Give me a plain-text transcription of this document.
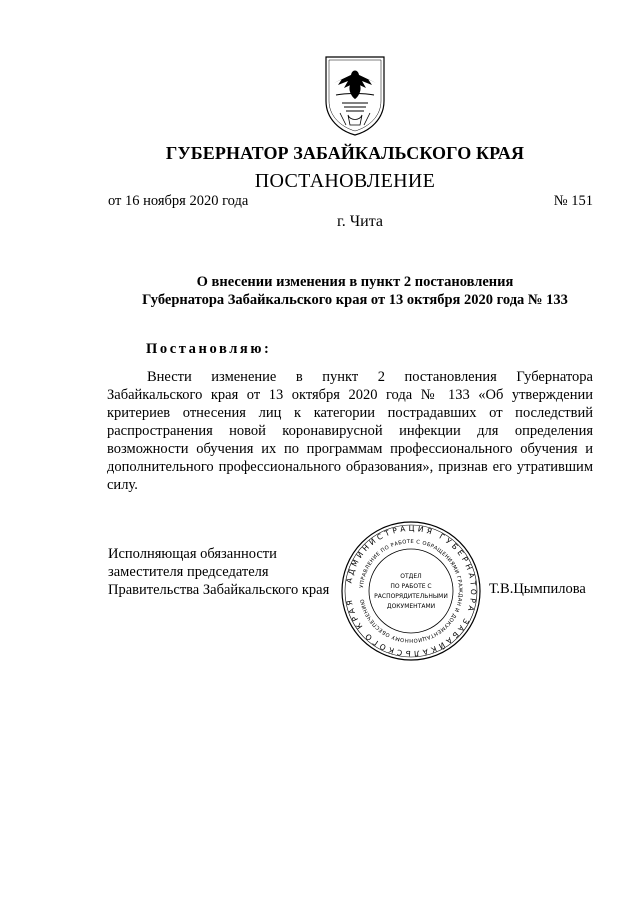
ГУБЕРНАТОР ЗАБАЙКАЛЬСКОГО КРАЯ
ПОСТАНОВЛЕНИЕ
от 16 ноября 2020 года	№ 151
г. Чита
О внесении изменения в пункт 2 постановления
Губернатора Забайкальского края от 13 октября 2020 года № 133
Постановляю:
Внести изменение в пункт 2 постановления Губернатора Забайкальского края от 13 октября 2020 года № 133 «Об утверждении критериев отнесения лиц к категории пострадавших от последствий распространения новой коронавирусной инфекции для определения возможности обучения их по программам профессионального обучения и дополнительного профессионального образования», признав его утратившим силу.
Исполняющая обязанности
заместителя председателя
Правительства Забайкальского края	Т.В.Цымпилова
АДМИНИСТРАЦИЯ ГУБЕРНАТОРА ЗАБАЙКАЛЬСКОГО КРАЯ
УПРАВЛЕНИЕ ПО РАБОТЕ С ОБРАЩЕНИЯМИ ГРАЖДАН И ДОКУМЕНТАЦИОННОМУ ОБЕСПЕЧЕНИЮ
ОТДЕЛ
ПО РАБОТЕ С
РАСПОРЯДИТЕЛЬНЫМИ
ДОКУМЕНТАМИ
